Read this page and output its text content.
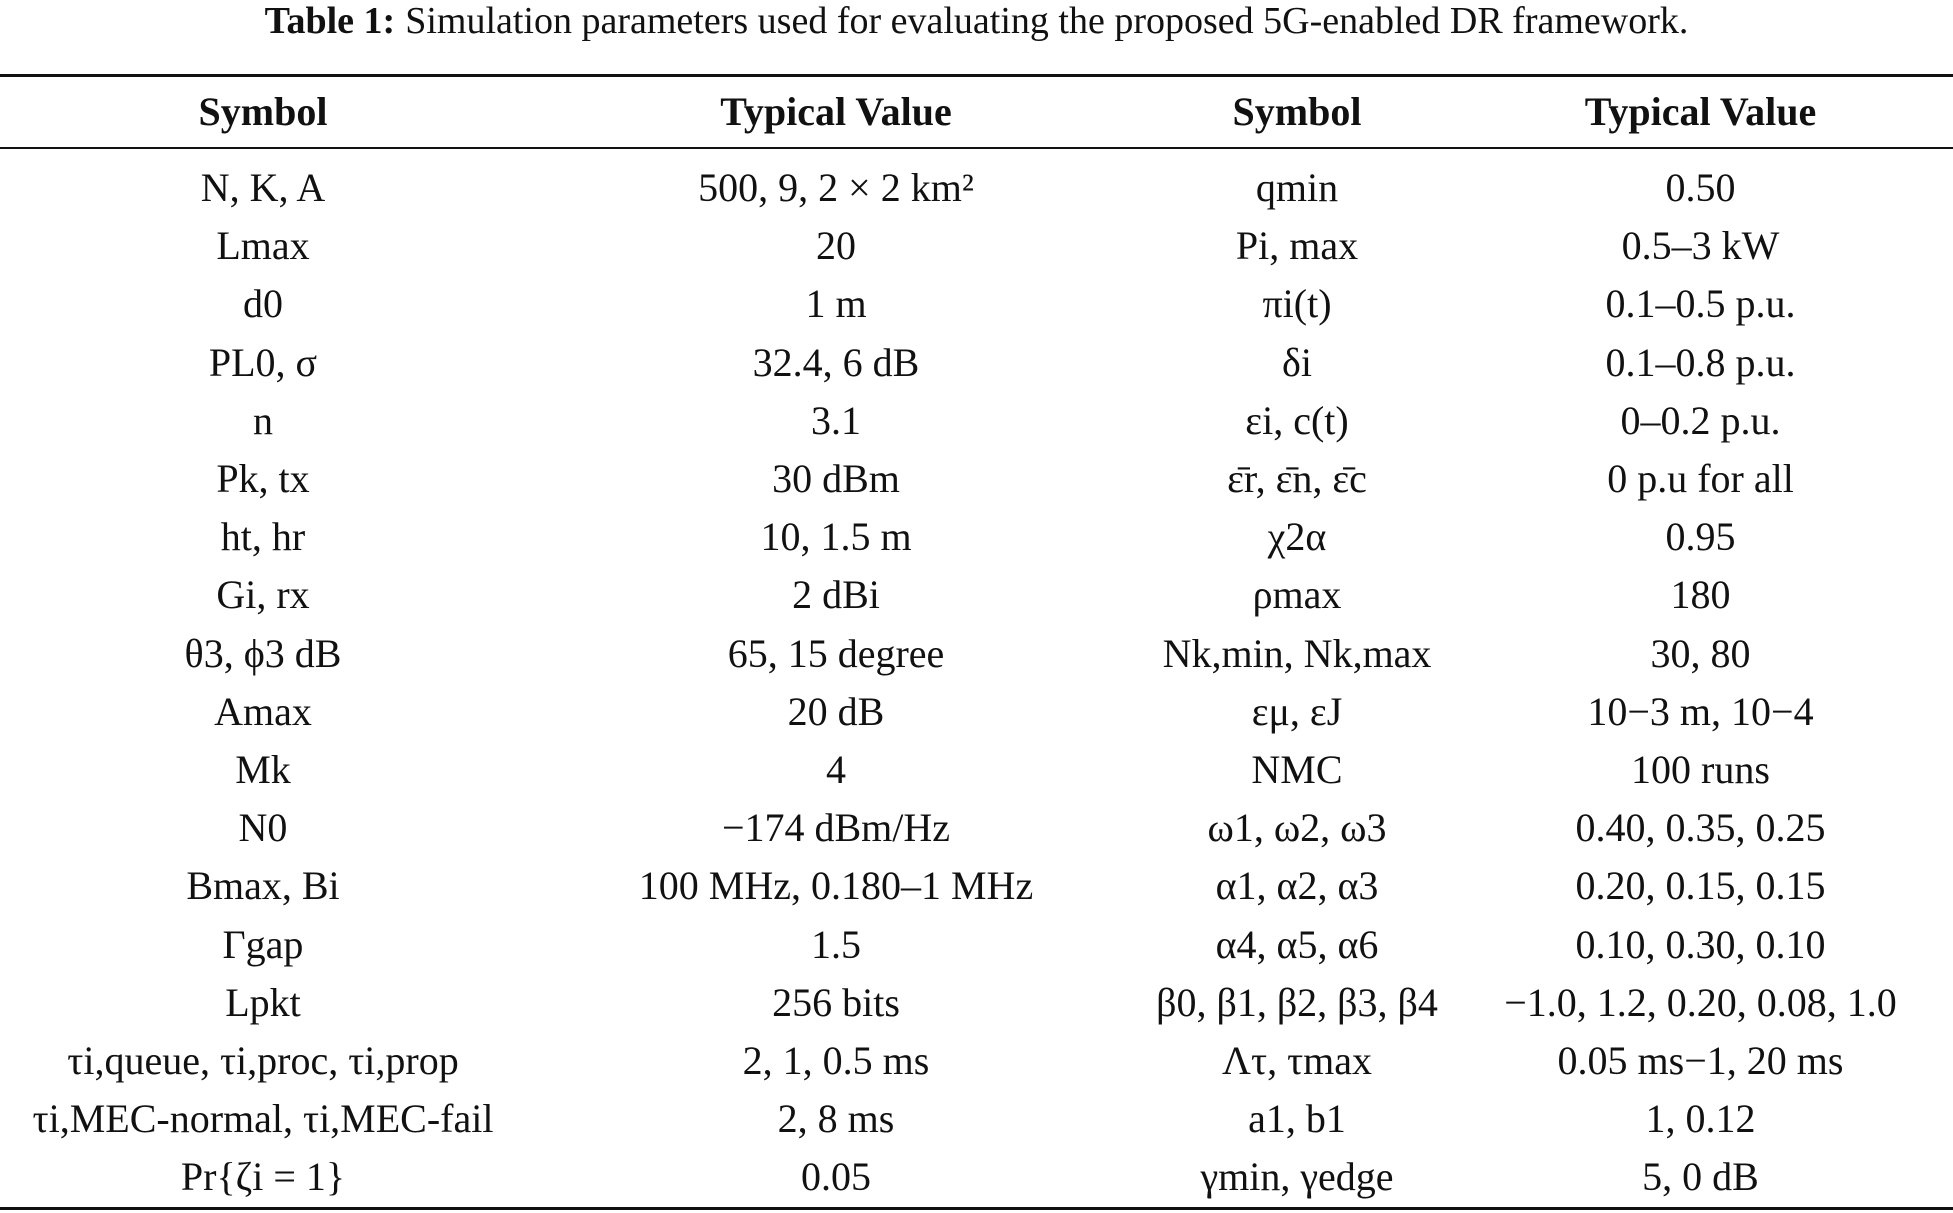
Table 1: Simulation parameters used for evaluating the proposed 5G-enabled DR framework.
Symbol	Typical Value	Symbol	Typical Value
N, K, A	500, 9, 2 × 2 km²	qmin	0.50
Lmax	20	Pi, max	0.5–3 kW
d0	1 m	πi(t)	0.1–0.5 p.u.
PL0, σ	32.4, 6 dB	δi	0.1–0.8 p.u.
n	3.1	εi, c(t)	0–0.2 p.u.
Pk, tx	30 dBm	ε̄r, ε̄n, ε̄c	0 p.u for all
ht, hr	10, 1.5 m	χ2α	0.95
Gi, rx	2 dBi	ρmax	180
θ3, ϕ3 dB	65, 15 degree	Nk,min, Nk,max	30, 80
Amax	20 dB	εμ, εJ	10−3 m, 10−4
Mk	4	NMC	100 runs
N0	−174 dBm/Hz	ω1, ω2, ω3	0.40, 0.35, 0.25
Bmax, Bi	100 MHz, 0.180–1 MHz	α1, α2, α3	0.20, 0.15, 0.15
Γgap	1.5	α4, α5, α6	0.10, 0.30, 0.10
Lpkt	256 bits	β0, β1, β2, β3, β4	−1.0, 1.2, 0.20, 0.08, 1.0
τi,queue, τi,proc, τi,prop	2, 1, 0.5 ms	Λτ, τmax	0.05 ms−1, 20 ms
τi,MEC-normal, τi,MEC-fail	2, 8 ms	a1, b1	1, 0.12
Pr{ζi = 1}	0.05	γmin, γedge	5, 0 dB
